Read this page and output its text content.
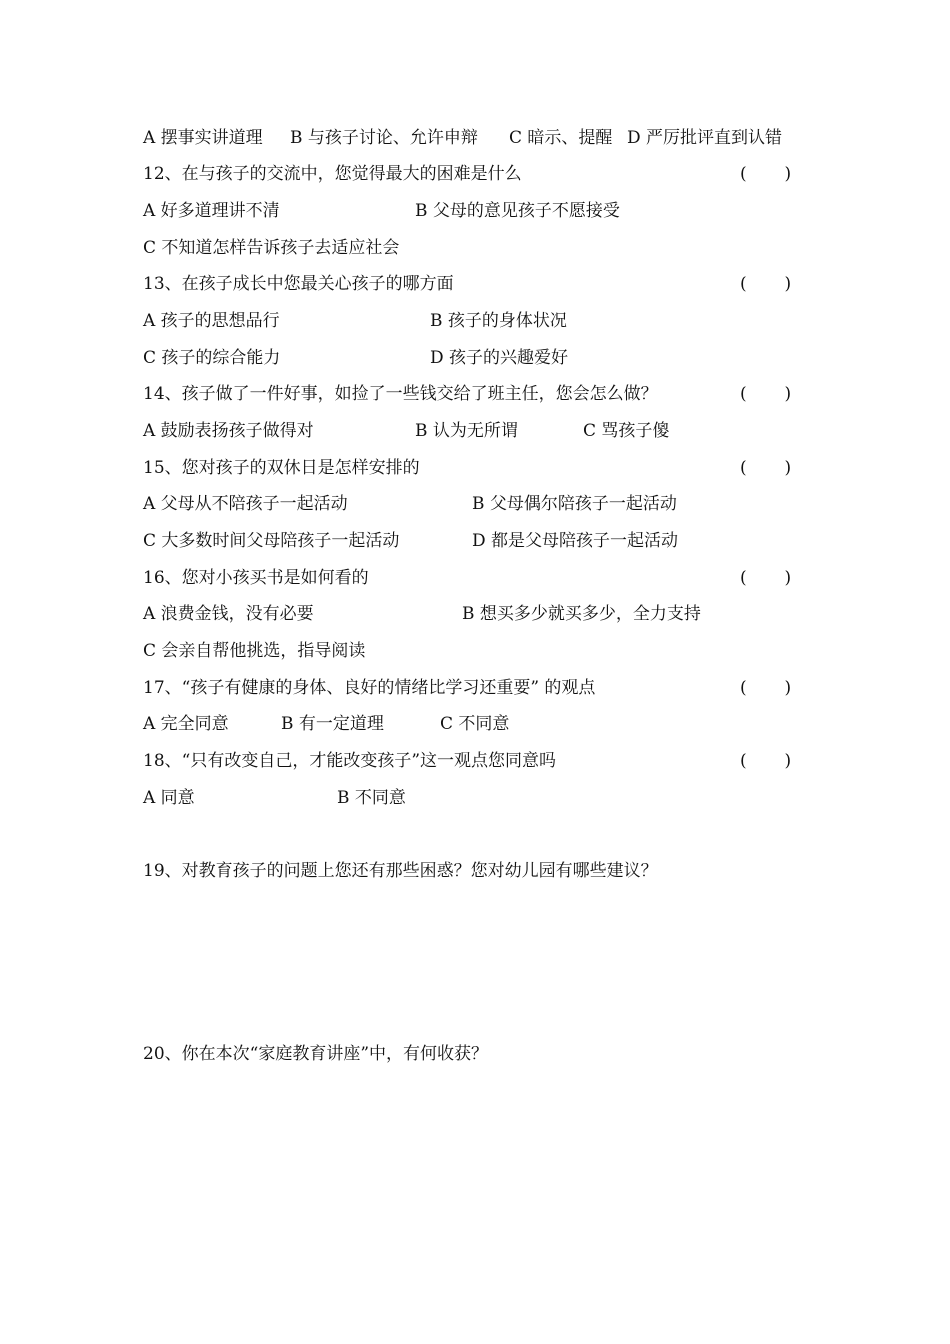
A 摆事实讲道理 B 与孩子讨论、允许申辩 C 暗示、提醒 D 严厉批评直到认错
12、在与孩子的交流中，您觉得最大的困难是什么	(       )
A 好多道理讲不清	B 父母的意见孩子不愿接受
C 不知道怎样告诉孩子去适应社会
13、在孩子成长中您最关心孩子的哪方面	(       )
A 孩子的思想品行	B 孩子的身体状况
C 孩子的综合能力	D 孩子的兴趣爱好
14、孩子做了一件好事，如捡了一些钱交给了班主任，您会怎么做？	(       )
A 鼓励表扬孩子做得对	B 认为无所谓	C 骂孩子傻
15、您对孩子的双休日是怎样安排的	(       )
A 父母从不陪孩子一起活动	B 父母偶尔陪孩子一起活动
C 大多数时间父母陪孩子一起活动	D 都是父母陪孩子一起活动
16、您对小孩买书是如何看的	(       )
A 浪费金钱，没有必要	B 想买多少就买多少，全力支持
C 会亲自帮他挑选，指导阅读
17、“孩子有健康的身体、良好的情绪比学习还重要” 的观点	(       )
A 完全同意	B 有一定道理	C 不同意
18、“只有改变自己，才能改变孩子”这一观点您同意吗	(       )
A 同意	B 不同意
19、对教育孩子的问题上您还有那些困惑？您对幼儿园有哪些建议？
20、你在本次“家庭教育讲座”中，有何收获？
